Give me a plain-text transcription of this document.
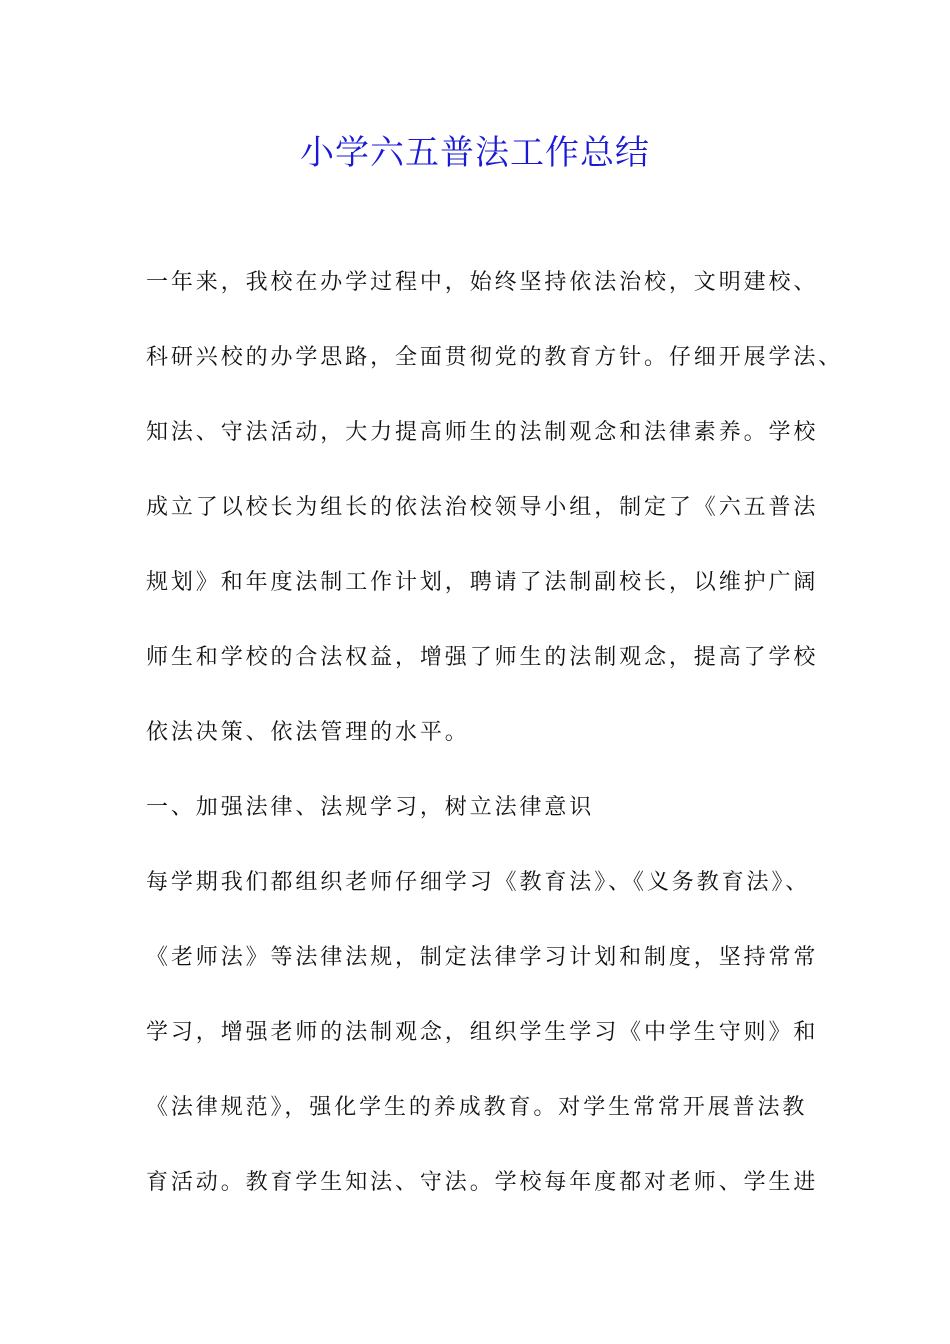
小学六五普法工作总结
一年来，我校在办学过程中，始终坚持依法治校，文明建校、
科研兴校的办学思路，全面贯彻党的教育方针。仔细开展学法、
知法、守法活动，大力提高师生的法制观念和法律素养。学校
成立了以校长为组长的依法治校领导小组，制定了《六五普法
规划》和年度法制工作计划，聘请了法制副校长，以维护广阔
师生和学校的合法权益，增强了师生的法制观念，提高了学校
依法决策、依法管理的水平。
一、加强法律、法规学习，树立法律意识
每学期我们都组织老师仔细学习《教育法》、《义务教育法》、
《老师法》等法律法规，制定法律学习计划和制度，坚持常常
学习，增强老师的法制观念，组织学生学习《中学生守则》和
《法律规范》，强化学生的养成教育。对学生常常开展普法教
育活动。教育学生知法、守法。学校每年度都对老师、学生进
